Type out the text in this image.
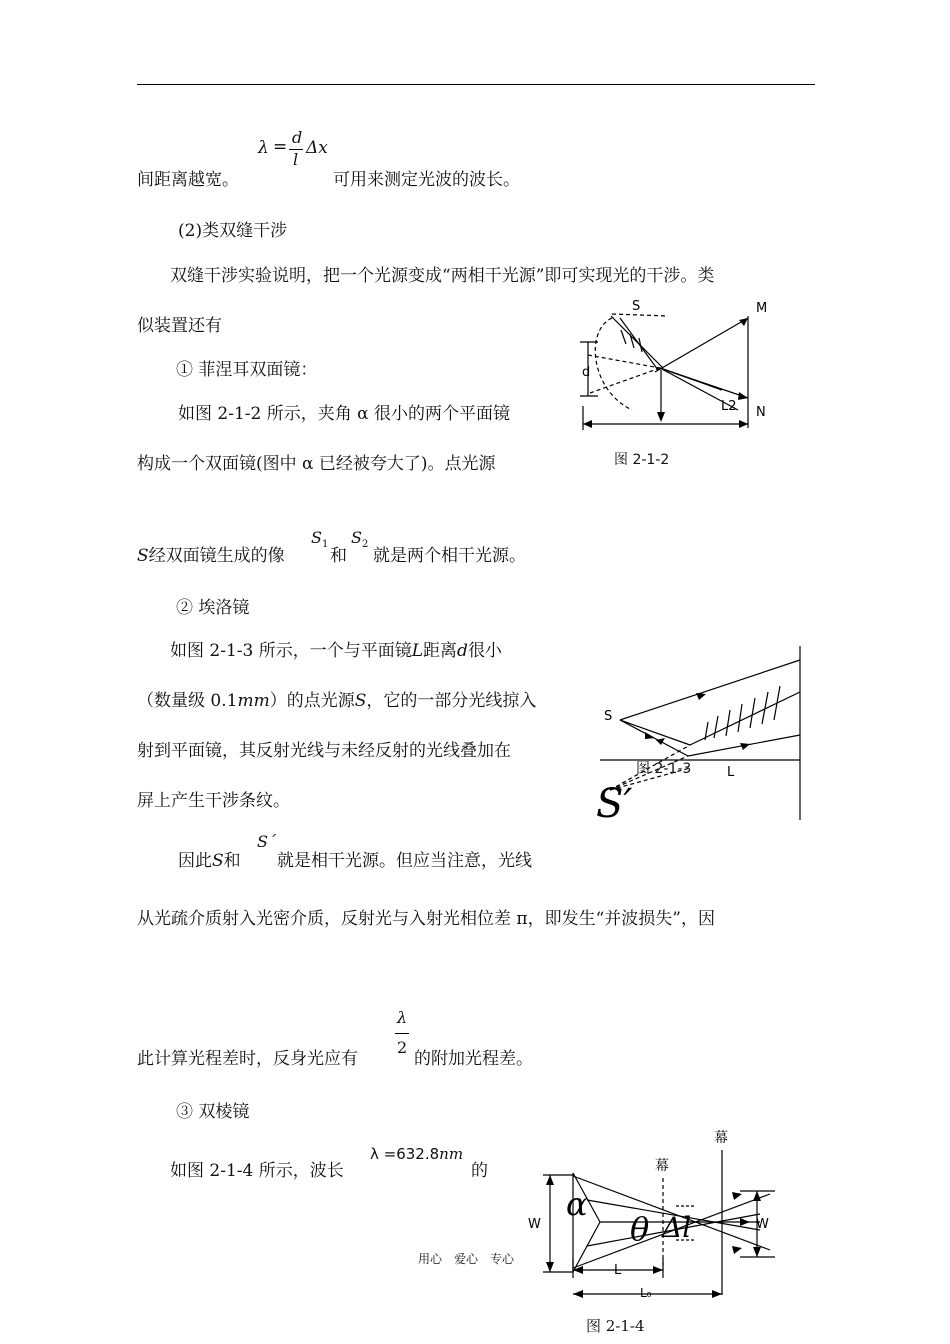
λ = d
l
Δx
间距离越宽。	可用来测定光波的波长。
(2)类双缝干涉
双缝干涉实验说明，把一个光源变成“两相干光源”即可实现光的干涉。类
似装置还有
① 菲涅耳双面镜：
如图 2-1-2 所示，夹角 α 很小的两个平面镜
构成一个双面镜(图中 α 已经被夸大了)。点光源
S经双面镜生成的像
$S_1$
和
$S_2$
就是两个相干光源。
S	M
N
d
L2
图 2-1-2
② 埃洛镜
如图 2-1-3 所示，一个与平面镜L距离d很小
（数量级 0.1mm）的点光源S，它的一部分光线掠入
射到平面镜，其反射光线与未经反射的光线叠加在
屏上产生干涉条纹。
因此S和
S´
就是相干光源。但应当注意，光线
从光疏介质射入光密介质，反射光与入射光相位差 π，即发生“并波损失”，因
λ
2
此计算光程差时，反身光应有	的附加光程差。
S
L
S′
图 2-1-3
③ 双棱镜
如图 2-1-4 所示，波长
λ =632.8nm
的
幕
幕
W	W
L
L₀
α
θ Δl
图 2-1-4
用心　爱心　专心
